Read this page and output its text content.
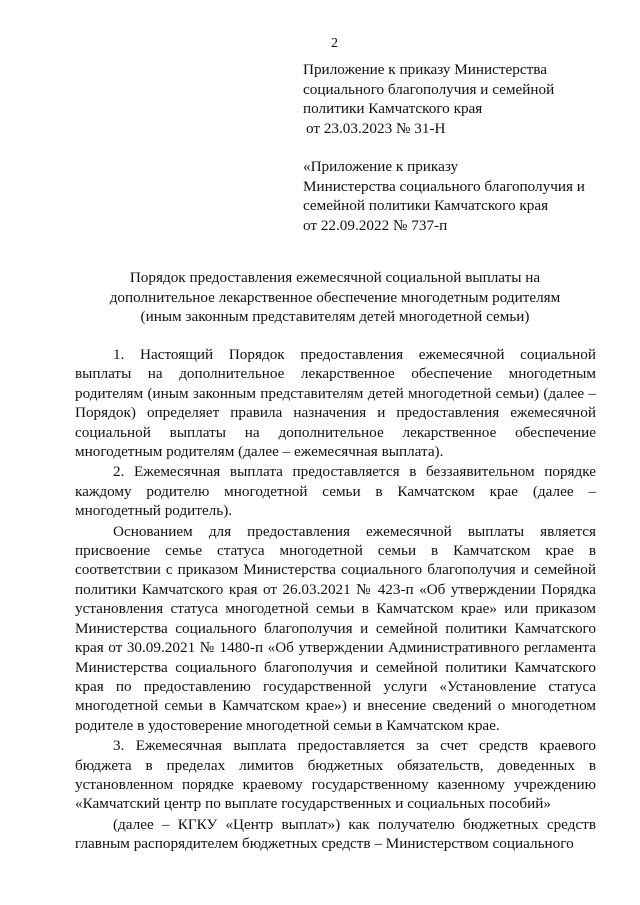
2
Приложение к приказу Министерства
социального благополучия и семейной
политики Камчатского края
от 23.03.2023 № 31-Н
«Приложение к приказу
Министерства социального благополучия и
семейной политики Камчатского края
от 22.09.2022 № 737-п
Порядок предоставления ежемесячной социальной выплаты на
дополнительное лекарственное обеспечение многодетным родителям
(иным законным представителям детей многодетной семьи)

1. Настоящий Порядок предоставления ежемесячной социальной выплаты на дополнительное лекарственное обеспечение многодетным родителям (иным законным представителям детей многодетной семьи) (далее – Порядок) определяет правила назначения и предоставления ежемесячной социальной выплаты на дополнительное лекарственное обеспечение многодетным родителям (далее – ежемесячная выплата).

2. Ежемесячная выплата предоставляется в беззаявительном порядке каждому родителю многодетной семьи в Камчатском крае (далее – многодетный родитель).

Основанием для предоставления ежемесячной выплаты является присвоение семье статуса многодетной семьи в Камчатском крае в соответствии с приказом Министерства социального благополучия и семейной политики Камчатского края от 26.03.2021 № 423-п «Об утверждении Порядка установления статуса многодетной семьи в Камчатском крае» или приказом Министерства социального благополучия и семейной политики Камчатского края от 30.09.2021 № 1480-п «Об утверждении Административного регламента Министерства социального благополучия и семейной политики Камчатского края по предоставлению государственной услуги «Установление статуса многодетной семьи в Камчатском крае») и внесение сведений о многодетном родителе в удостоверение многодетной семьи в Камчатском крае.

3. Ежемесячная выплата предоставляется за счет средств краевого бюджета в пределах лимитов бюджетных обязательств, доведенных в установленном порядке краевому государственному казенному учреждению «Камчатский центр по выплате государственных и социальных пособий»

(далее – КГКУ «Центр выплат») как получателю бюджетных средств главным распорядителем бюджетных средств – Министерством социального
